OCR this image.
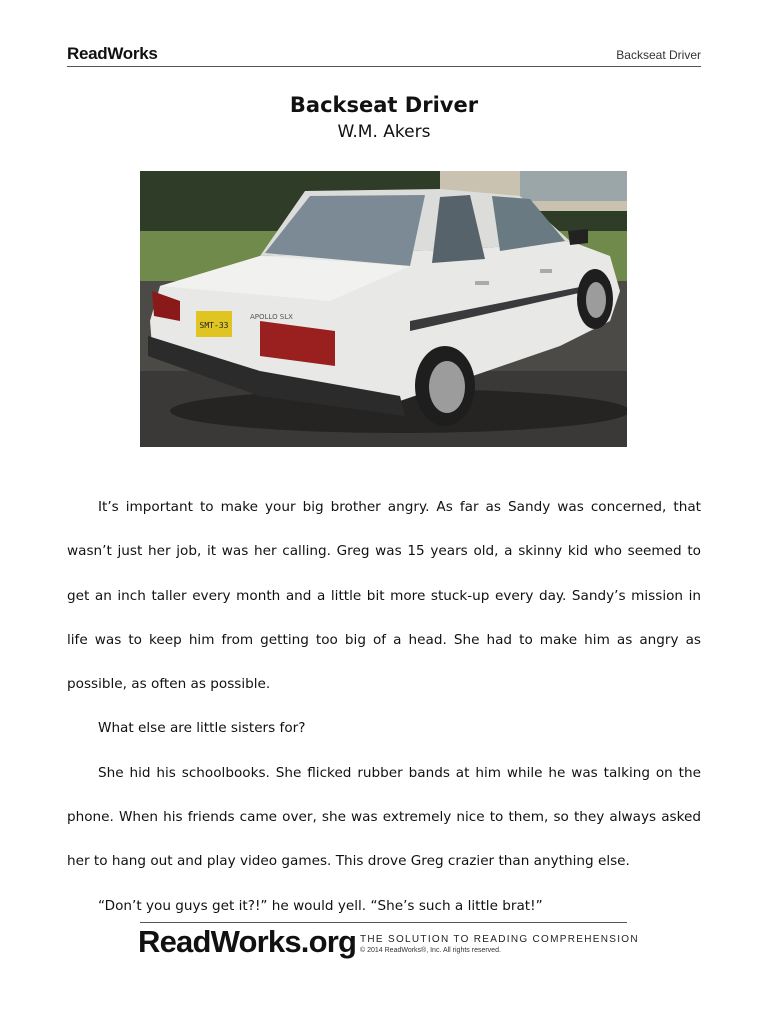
ReadWorks	Backseat Driver
Backseat Driver
W.M. Akers
SMT-33
APOLLO SLX

It’s important to make your big brother angry. As far as Sandy was concerned, that wasn’t just her job, it was her calling. Greg was 15 years old, a skinny kid who seemed to get an inch taller every month and a little bit more stuck-up every day. Sandy’s mission in life was to keep him from getting too big of a head. She had to make him as angry as possible, as often as possible.

What else are little sisters for?

She hid his schoolbooks. She flicked rubber bands at him while he was talking on the phone. When his friends came over, she was extremely nice to them, so they always asked her to hang out and play video games. This drove Greg crazier than anything else.

“Don’t you guys get it?!” he would yell. “She’s such a little brat!”

ReadWorks.org THE SOLUTION TO READING COMPREHENSION
© 2014 ReadWorks®, Inc. All rights reserved.
